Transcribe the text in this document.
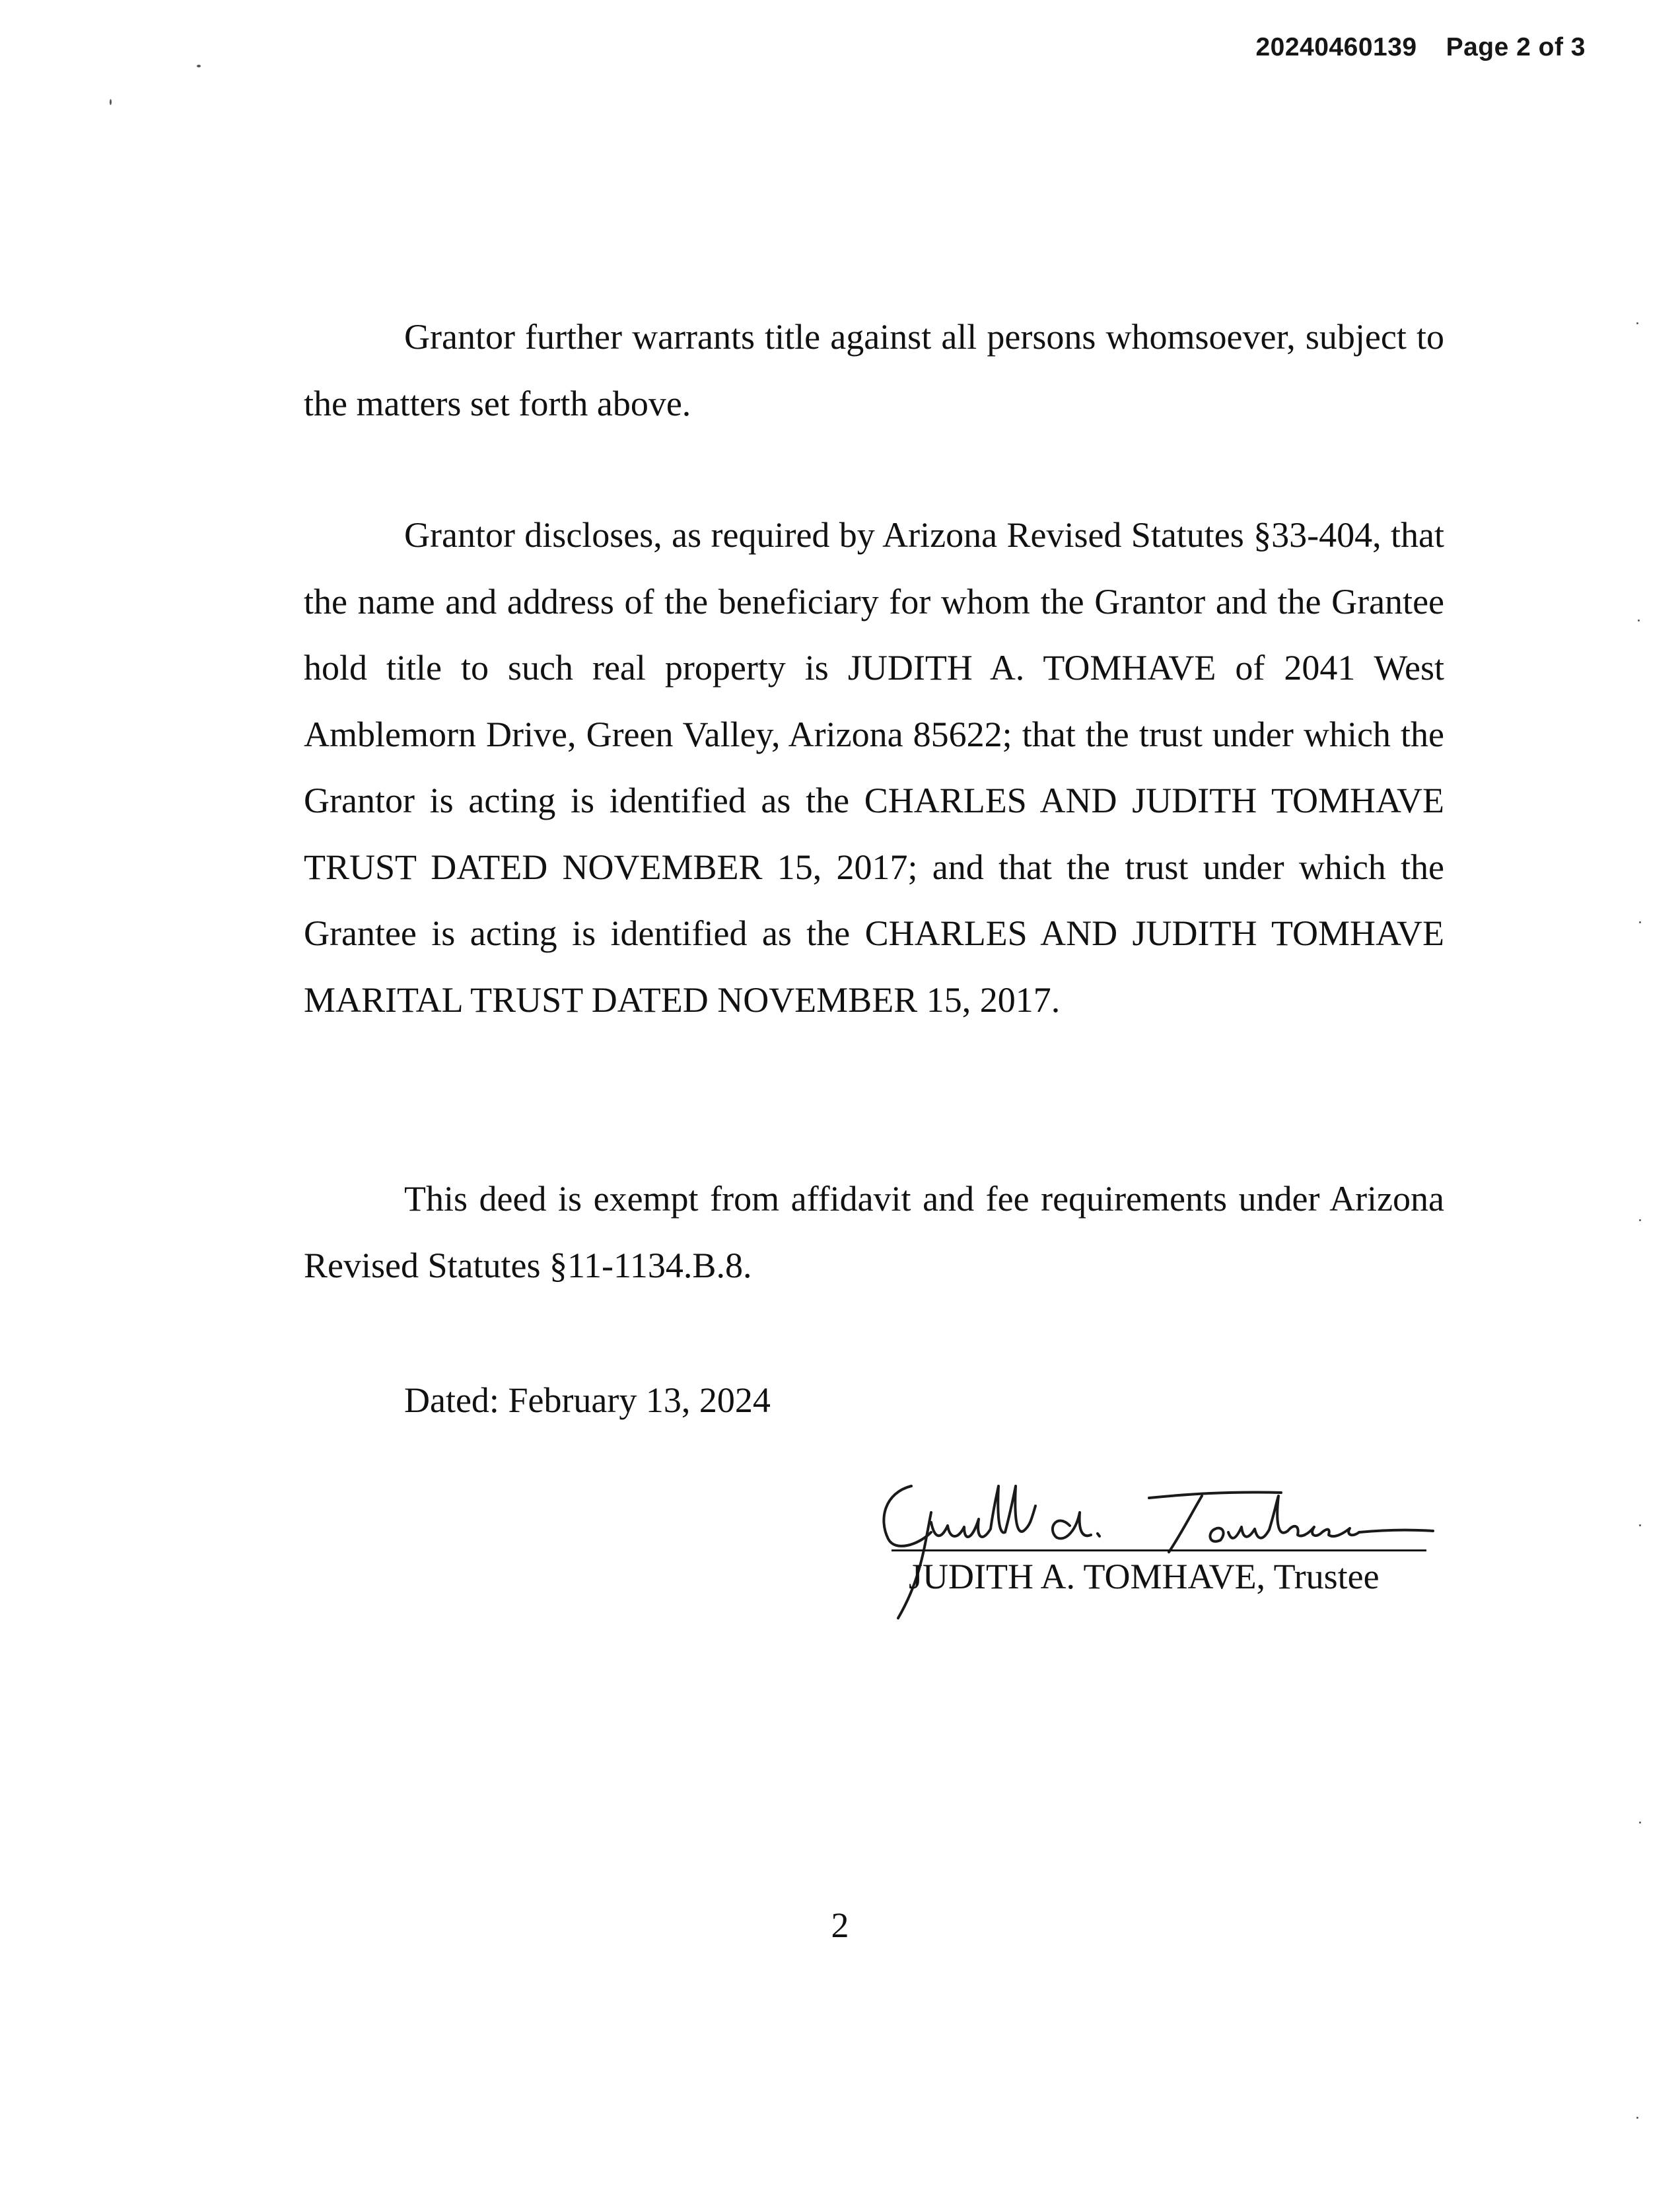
20240460139 Page 2 of 3

Grantor further warrants title against all persons whomsoever, subject to the matters set forth above.

Grantor discloses, as required by Arizona Revised Statutes §33-404, that the name and address of the beneficiary for whom the Grantor and the Grantee hold title to such real property is JUDITH A. TOMHAVE of 2041 West Amblemorn Drive, Green Valley, Arizona 85622; that the trust under which the Grantor is acting is identified as the CHARLES AND JUDITH TOMHAVE TRUST DATED NOVEMBER 15, 2017; and that the trust under which the Grantee is acting is identified as the CHARLES AND JUDITH TOMHAVE MARITAL TRUST DATED NOVEMBER 15, 2017.

This deed is exempt from affidavit and fee requirements under Arizona Revised Statutes §11-1134.B.8.

Dated: February 13, 2024
JUDITH A. TOMHAVE, Trustee
2
